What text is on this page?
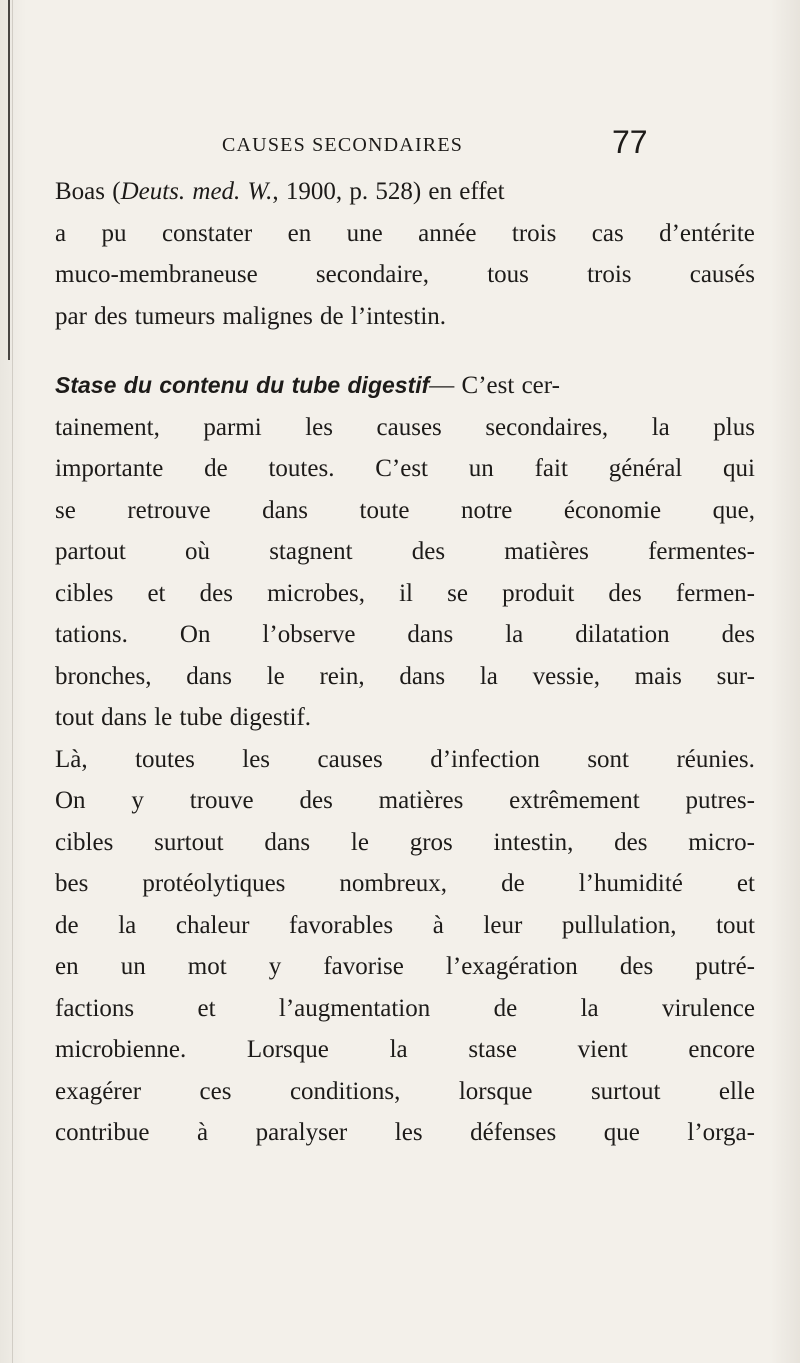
CAUSES SECONDAIRES	77
Boas (Deuts. med. W., 1900, p. 528) en effet
a pu constater en une année trois cas d’entérite
muco-membraneuse secondaire, tous trois causés
par des tumeurs malignes de l’intestin.
Stase du contenu du tube digestif — C’est cer-
tainement, parmi les causes secondaires, la plus
importante de toutes. C’est un fait général qui
se retrouve dans toute notre économie que,
partout où stagnent des matières fermentes-
cibles et des microbes, il se produit des fermen-
tations. On l’observe dans la dilatation des
bronches, dans le rein, dans la vessie, mais sur-
tout dans le tube digestif.
Là, toutes les causes d’infection sont réunies.
On y trouve des matières extrêmement putres-
cibles surtout dans le gros intestin, des micro-
bes protéolytiques nombreux, de l’humidité et
de la chaleur favorables à leur pullulation, tout
en un mot y favorise l’exagération des putré-
factions	et	l’augmentation	de	la	virulence
microbienne. Lorsque la stase vient encore
exagérer ces conditions, lorsque surtout elle
contribue à paralyser les défenses que l’orga-
